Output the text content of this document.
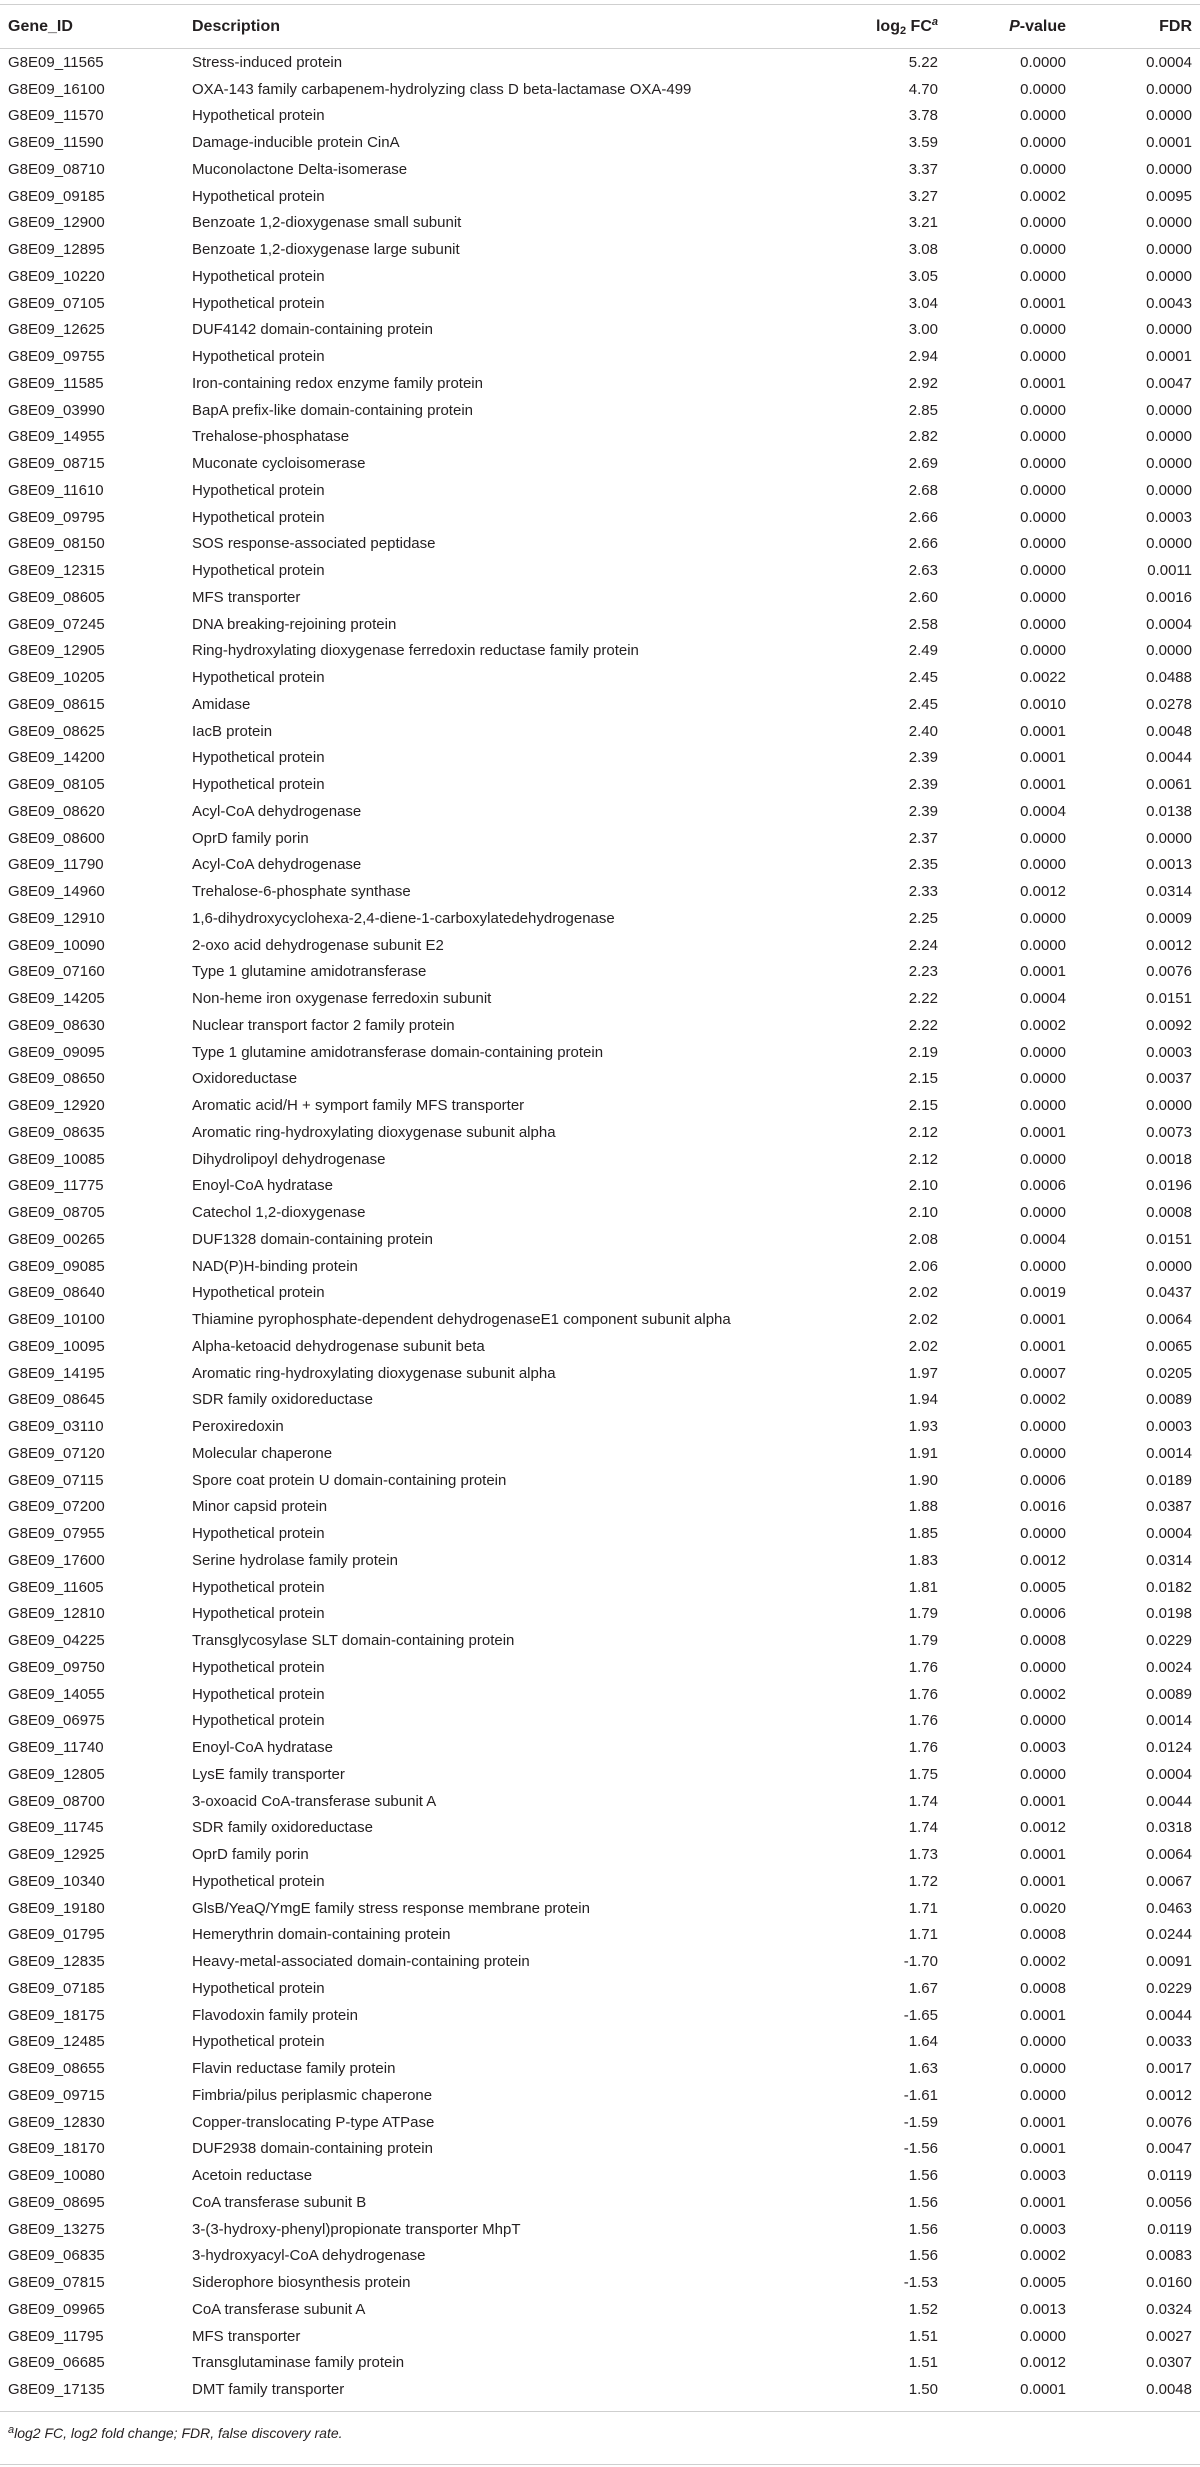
Gene_ID	Description	$\log_2 FC^a$	P-value	FDR
G8E09_11565	Stress-induced protein	5.22	0.0000	0.0004
G8E09_16100	OXA-143 family carbapenem-hydrolyzing class D beta-lactamase OXA-499	4.70	0.0000	0.0000
G8E09_11570	Hypothetical protein	3.78	0.0000	0.0000
G8E09_11590	Damage-inducible protein CinA	3.59	0.0000	0.0001
G8E09_08710	Muconolactone Delta-isomerase	3.37	0.0000	0.0000
G8E09_09185	Hypothetical protein	3.27	0.0002	0.0095
G8E09_12900	Benzoate 1,2-dioxygenase small subunit	3.21	0.0000	0.0000
G8E09_12895	Benzoate 1,2-dioxygenase large subunit	3.08	0.0000	0.0000
G8E09_10220	Hypothetical protein	3.05	0.0000	0.0000
G8E09_07105	Hypothetical protein	3.04	0.0001	0.0043
G8E09_12625	DUF4142 domain-containing protein	3.00	0.0000	0.0000
G8E09_09755	Hypothetical protein	2.94	0.0000	0.0001
G8E09_11585	Iron-containing redox enzyme family protein	2.92	0.0001	0.0047
G8E09_03990	BapA prefix-like domain-containing protein	2.85	0.0000	0.0000
G8E09_14955	Trehalose-phosphatase	2.82	0.0000	0.0000
G8E09_08715	Muconate cycloisomerase	2.69	0.0000	0.0000
G8E09_11610	Hypothetical protein	2.68	0.0000	0.0000
G8E09_09795	Hypothetical protein	2.66	0.0000	0.0003
G8E09_08150	SOS response-associated peptidase	2.66	0.0000	0.0000
G8E09_12315	Hypothetical protein	2.63	0.0000	0.0011
G8E09_08605	MFS transporter	2.60	0.0000	0.0016
G8E09_07245	DNA breaking-rejoining protein	2.58	0.0000	0.0004
G8E09_12905	Ring-hydroxylating dioxygenase ferredoxin reductase family protein	2.49	0.0000	0.0000
G8E09_10205	Hypothetical protein	2.45	0.0022	0.0488
G8E09_08615	Amidase	2.45	0.0010	0.0278
G8E09_08625	IacB protein	2.40	0.0001	0.0048
G8E09_14200	Hypothetical protein	2.39	0.0001	0.0044
G8E09_08105	Hypothetical protein	2.39	0.0001	0.0061
G8E09_08620	Acyl-CoA dehydrogenase	2.39	0.0004	0.0138
G8E09_08600	OprD family porin	2.37	0.0000	0.0000
G8E09_11790	Acyl-CoA dehydrogenase	2.35	0.0000	0.0013
G8E09_14960	Trehalose-6-phosphate synthase	2.33	0.0012	0.0314
G8E09_12910	1,6-dihydroxycyclohexa-2,4-diene-1-carboxylatedehydrogenase	2.25	0.0000	0.0009
G8E09_10090	2-oxo acid dehydrogenase subunit E2	2.24	0.0000	0.0012
G8E09_07160	Type 1 glutamine amidotransferase	2.23	0.0001	0.0076
G8E09_14205	Non-heme iron oxygenase ferredoxin subunit	2.22	0.0004	0.0151
G8E09_08630	Nuclear transport factor 2 family protein	2.22	0.0002	0.0092
G8E09_09095	Type 1 glutamine amidotransferase domain-containing protein	2.19	0.0000	0.0003
G8E09_08650	Oxidoreductase	2.15	0.0000	0.0037
G8E09_12920	Aromatic acid/H + symport family MFS transporter	2.15	0.0000	0.0000
G8E09_08635	Aromatic ring-hydroxylating dioxygenase subunit alpha	2.12	0.0001	0.0073
G8E09_10085	Dihydrolipoyl dehydrogenase	2.12	0.0000	0.0018
G8E09_11775	Enoyl-CoA hydratase	2.10	0.0006	0.0196
G8E09_08705	Catechol 1,2-dioxygenase	2.10	0.0000	0.0008
G8E09_00265	DUF1328 domain-containing protein	2.08	0.0004	0.0151
G8E09_09085	NAD(P)H-binding protein	2.06	0.0000	0.0000
G8E09_08640	Hypothetical protein	2.02	0.0019	0.0437
G8E09_10100	Thiamine pyrophosphate-dependent dehydrogenaseE1 component subunit alpha	2.02	0.0001	0.0064
G8E09_10095	Alpha-ketoacid dehydrogenase subunit beta	2.02	0.0001	0.0065
G8E09_14195	Aromatic ring-hydroxylating dioxygenase subunit alpha	1.97	0.0007	0.0205
G8E09_08645	SDR family oxidoreductase	1.94	0.0002	0.0089
G8E09_03110	Peroxiredoxin	1.93	0.0000	0.0003
G8E09_07120	Molecular chaperone	1.91	0.0000	0.0014
G8E09_07115	Spore coat protein U domain-containing protein	1.90	0.0006	0.0189
G8E09_07200	Minor capsid protein	1.88	0.0016	0.0387
G8E09_07955	Hypothetical protein	1.85	0.0000	0.0004
G8E09_17600	Serine hydrolase family protein	1.83	0.0012	0.0314
G8E09_11605	Hypothetical protein	1.81	0.0005	0.0182
G8E09_12810	Hypothetical protein	1.79	0.0006	0.0198
G8E09_04225	Transglycosylase SLT domain-containing protein	1.79	0.0008	0.0229
G8E09_09750	Hypothetical protein	1.76	0.0000	0.0024
G8E09_14055	Hypothetical protein	1.76	0.0002	0.0089
G8E09_06975	Hypothetical protein	1.76	0.0000	0.0014
G8E09_11740	Enoyl-CoA hydratase	1.76	0.0003	0.0124
G8E09_12805	LysE family transporter	1.75	0.0000	0.0004
G8E09_08700	3-oxoacid CoA-transferase subunit A	1.74	0.0001	0.0044
G8E09_11745	SDR family oxidoreductase	1.74	0.0012	0.0318
G8E09_12925	OprD family porin	1.73	0.0001	0.0064
G8E09_10340	Hypothetical protein	1.72	0.0001	0.0067
G8E09_19180	GlsB/YeaQ/YmgE family stress response membrane protein	1.71	0.0020	0.0463
G8E09_01795	Hemerythrin domain-containing protein	1.71	0.0008	0.0244
G8E09_12835	Heavy-metal-associated domain-containing protein	-1.70	0.0002	0.0091
G8E09_07185	Hypothetical protein	1.67	0.0008	0.0229
G8E09_18175	Flavodoxin family protein	-1.65	0.0001	0.0044
G8E09_12485	Hypothetical protein	1.64	0.0000	0.0033
G8E09_08655	Flavin reductase family protein	1.63	0.0000	0.0017
G8E09_09715	Fimbria/pilus periplasmic chaperone	-1.61	0.0000	0.0012
G8E09_12830	Copper-translocating P-type ATPase	-1.59	0.0001	0.0076
G8E09_18170	DUF2938 domain-containing protein	-1.56	0.0001	0.0047
G8E09_10080	Acetoin reductase	1.56	0.0003	0.0119
G8E09_08695	CoA transferase subunit B	1.56	0.0001	0.0056
G8E09_13275	3-(3-hydroxy-phenyl)propionate transporter MhpT	1.56	0.0003	0.0119
G8E09_06835	3-hydroxyacyl-CoA dehydrogenase	1.56	0.0002	0.0083
G8E09_07815	Siderophore biosynthesis protein	-1.53	0.0005	0.0160
G8E09_09965	CoA transferase subunit A	1.52	0.0013	0.0324
G8E09_11795	MFS transporter	1.51	0.0000	0.0027
G8E09_06685	Transglutaminase family protein	1.51	0.0012	0.0307
G8E09_17135	DMT family transporter	1.50	0.0001	0.0048
$^a$log2 FC, log2 fold change; FDR, false discovery rate.
